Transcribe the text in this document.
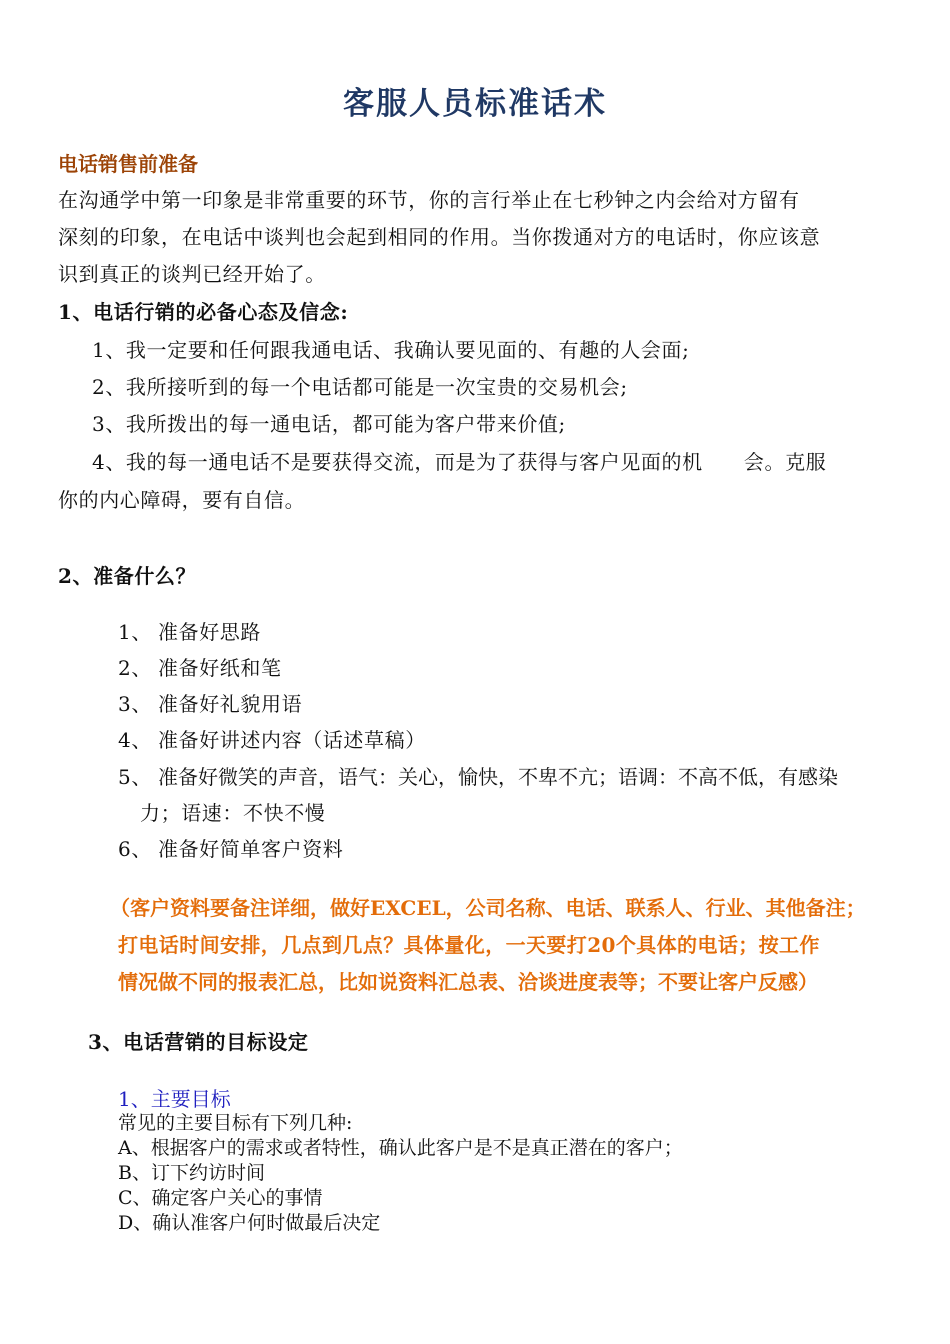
客服人员标准话术
电话销售前准备
在沟通学中第一印象是非常重要的环节，你的言行举止在七秒钟之内会给对方留有
深刻的印象，在电话中谈判也会起到相同的作用。当你拨通对方的电话时，你应该意
识到真正的谈判已经开始了。
1、电话行销的必备心态及信念:
1、我一定要和任何跟我通电话、我确认要见面的、有趣的人会面;
2、我所接听到的每一个电话都可能是一次宝贵的交易机会;
3、我所拨出的每一通电话，都可能为客户带来价值;
4、我的每一通电话不是要获得交流，而是为了获得与客户见面的机　　会。克服
你的内心障碍，要有自信。
2、准备什么？
1、 准备好思路
2、 准备好纸和笔
3、 准备好礼貌用语
4、 准备好讲述内容（话述草稿）
5、 准备好微笑的声音，语气：关心，愉快，不卑不亢；语调：不高不低，有感染
力；语速：不快不慢
6、 准备好简单客户资料
（客户资料要备注详细，做好EXCEL，公司名称、电话、联系人、行业、其他备注；
打电话时间安排，几点到几点？具体量化，一天要打20个具体的电话；按工作
情况做不同的报表汇总，比如说资料汇总表、洽谈进度表等；不要让客户反感）
3、电话营销的目标设定
1、主要目标
常见的主要目标有下列几种:
A、根据客户的需求或者特性，确认此客户是不是真正潜在的客户；
B、订下约访时间
C、确定客户关心的事情
D、确认准客户何时做最后决定
